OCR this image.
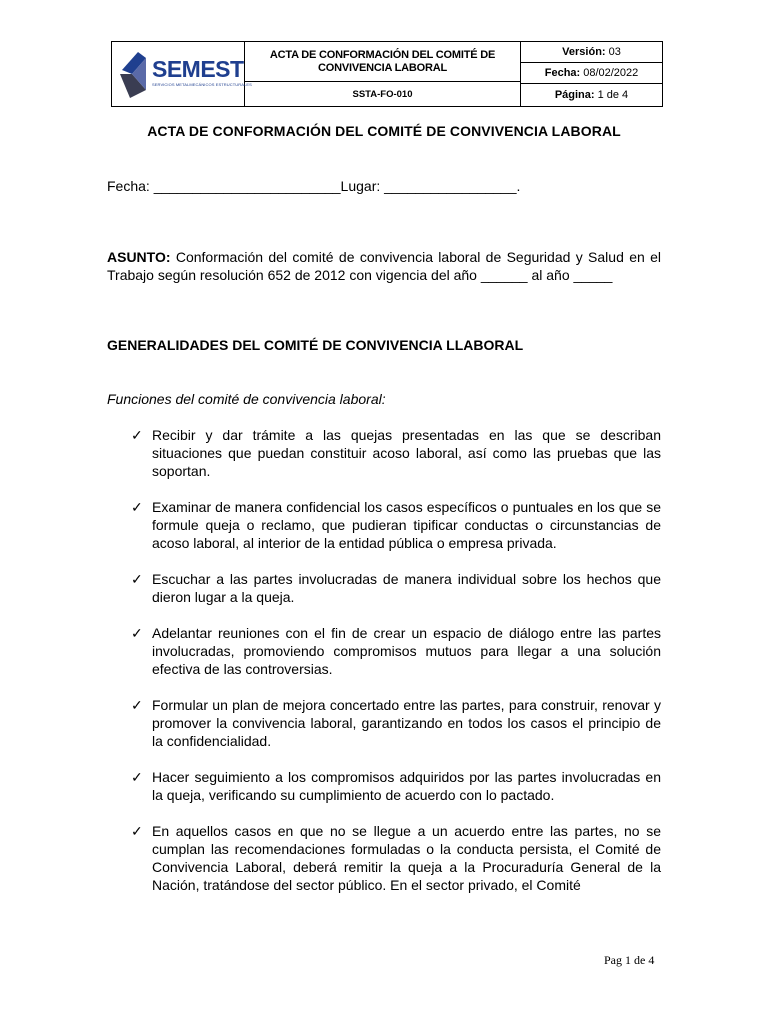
SEMEST
SERVICIOS METALMECÁNICOS ESTRUCTURALES
ACTA DE CONFORMACIÓN DEL COMITÉ DE CONVIVENCIA LABORAL
SSTA-FO-010
Versión: 03
Fecha: 08/02/2022
Página: 1 de 4
ACTA DE CONFORMACIÓN DEL COMITÉ DE CONVIVENCIA LABORAL
Fecha: ________________________Lugar: _________________.
ASUNTO: Conformación del comité de convivencia laboral de Seguridad y Salud en el Trabajo según resolución 652 de 2012 con vigencia del año ______ al año _____
GENERALIDADES DEL COMITÉ DE CONVIVENCIA LLABORAL
Funciones del comité de convivencia laboral:
✓ Recibir y dar trámite a las quejas presentadas en las que se describan situaciones que puedan constituir acoso laboral, así como las pruebas que las soportan.
✓ Examinar de manera confidencial los casos específicos o puntuales en los que se formule queja o reclamo, que pudieran tipificar conductas o circunstancias de acoso laboral, al interior de la entidad pública o empresa privada.
✓ Escuchar a las partes involucradas de manera individual sobre los hechos que dieron lugar a la queja.
✓ Adelantar reuniones con el fin de crear un espacio de diálogo entre las partes involucradas, promoviendo compromisos mutuos para llegar a una solución efectiva de las controversias.
✓ Formular un plan de mejora concertado entre las partes, para construir, renovar y promover la convivencia laboral, garantizando en todos los casos el principio de la confidencialidad.
✓ Hacer seguimiento a los compromisos adquiridos por las partes involucradas en la queja, verificando su cumplimiento de acuerdo con lo pactado.
✓ En aquellos casos en que no se llegue a un acuerdo entre las partes, no se cumplan las recomendaciones formuladas o la conducta persista, el Comité de Convivencia Laboral, deberá remitir la queja a la Procuraduría General de la Nación, tratándose del sector público. En el sector privado, el Comité
Pag 1 de 4
